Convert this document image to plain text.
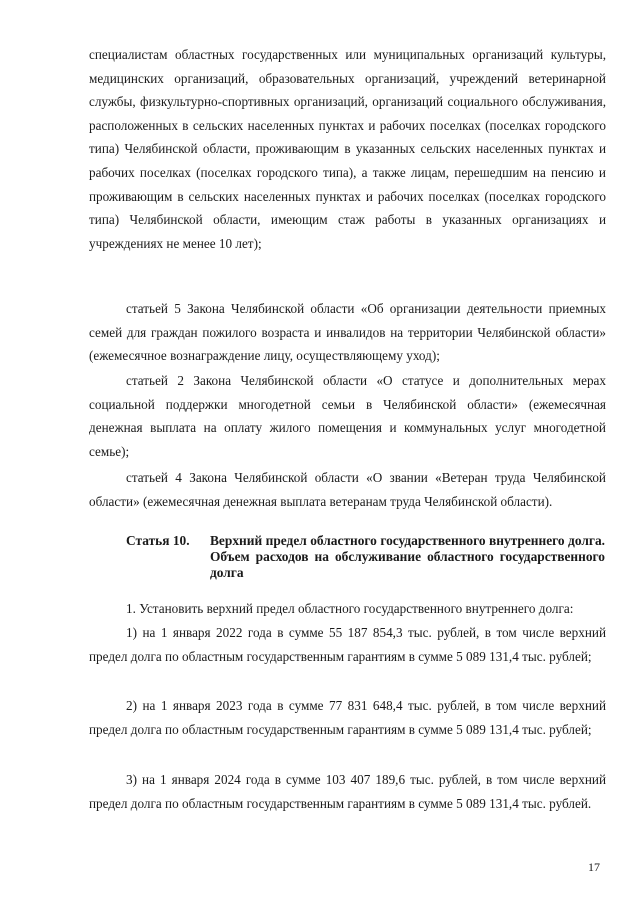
специалистам областных государственных или муниципальных организаций культуры, медицинских организаций, образовательных организаций, учреждений ветеринарной службы, физкультурно-спортивных организаций, организаций социального обслуживания, расположенных в сельских населенных пунктах и рабочих поселках (поселках городского типа) Челябинской области, проживающим в указанных сельских населенных пунктах и рабочих поселках (поселках городского типа), а также лицам, перешедшим на пенсию и проживающим в сельских населенных пунктах и рабочих поселках (поселках городского типа) Челябинской области, имеющим стаж работы в указанных организациях и учреждениях не менее 10 лет);

статьей 5 Закона Челябинской области «Об организации деятельности приемных семей для граждан пожилого возраста и инвалидов на территории Челябинской области» (ежемесячное вознаграждение лицу, осуществляющему уход);

статьей 2 Закона Челябинской области «О статусе и дополнительных мерах социальной поддержки многодетной семьи в Челябинской области» (ежемесячная денежная выплата на оплату жилого помещения и коммунальных услуг многодетной семье);

статьей 4 Закона Челябинской области «О звании «Ветеран труда Челябинской области» (ежемесячная денежная выплата ветеранам труда Челябинской области).

Статья 10.	Верхний предел областного государственного внутреннего долга. Объем расходов на обслуживание областного государственного долга

1. Установить верхний предел областного государственного внутреннего долга:

1) на 1 января 2022 года в сумме 55 187 854,3 тыс. рублей, в том числе верхний предел долга по областным государственным гарантиям в сумме 5 089 131,4 тыс. рублей;

2) на 1 января 2023 года в сумме 77 831 648,4 тыс. рублей, в том числе верхний предел долга по областным государственным гарантиям в сумме 5 089 131,4 тыс. рублей;

3) на 1 января 2024 года в сумме 103 407 189,6 тыс. рублей, в том числе верхний предел долга по областным государственным гарантиям в сумме 5 089 131,4 тыс. рублей.

17
